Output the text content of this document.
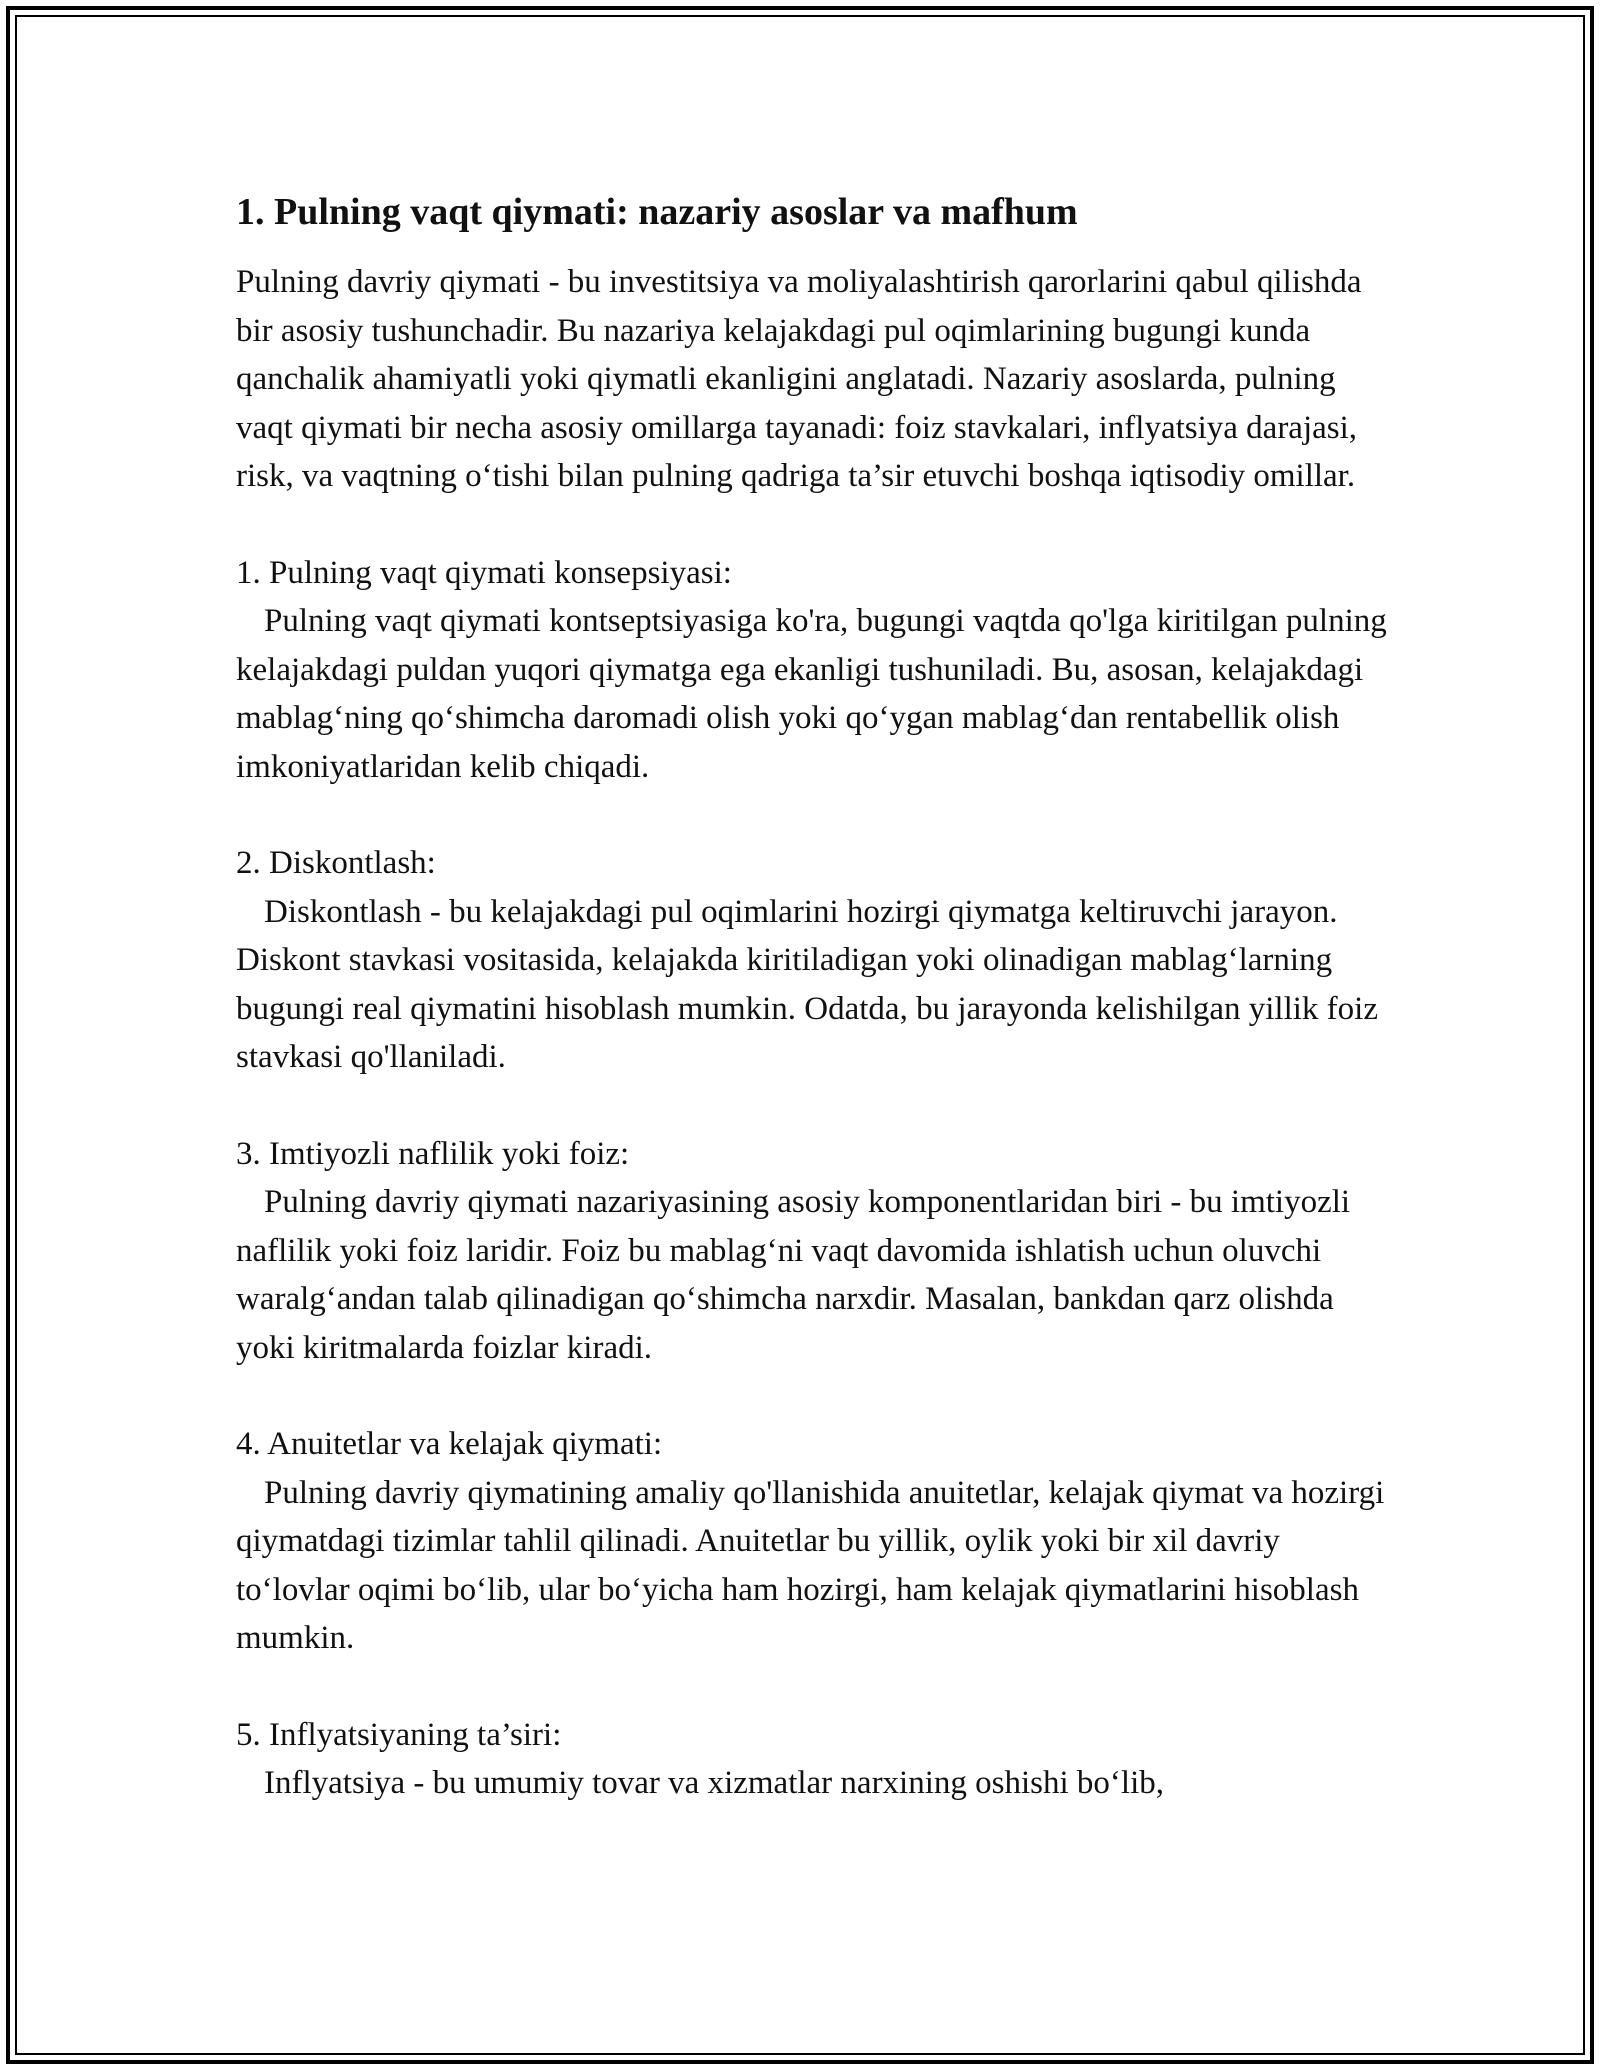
1. Pulning vaqt qiymati: nazariy asoslar va mafhum

Pulning davriy qiymati - bu investitsiya va moliyalashtirish qarorlarini qabul qilishda bir asosiy tushunchadir. Bu nazariya kelajakdagi pul oqimlarining bugungi kunda qanchalik ahamiyatli yoki qiymatli ekanligini anglatadi. Nazariy asoslarda, pulning vaqt qiymati bir necha asosiy omillarga tayanadi: foiz stavkalari, inflyatsiya darajasi, risk, va vaqtning o‘tishi bilan pulning qadriga ta’sir etuvchi boshqa iqtisodiy omillar.

1. Pulning vaqt qiymati konsepsiyasi:

Pulning vaqt qiymati kontseptsiyasiga ko'ra, bugungi vaqtda qo'lga kiritilgan pulning kelajakdagi puldan yuqori qiymatga ega ekanligi tushuniladi. Bu, asosan, kelajakdagi mablag‘ning qo‘shimcha daromadi olish yoki qo‘ygan mablag‘dan rentabellik olish imkoniyatlaridan kelib chiqadi.

2. Diskontlash:

Diskontlash - bu kelajakdagi pul oqimlarini hozirgi qiymatga keltiruvchi jarayon. Diskont stavkasi vositasida, kelajakda kiritiladigan yoki olinadigan mablag‘larning bugungi real qiymatini hisoblash mumkin. Odatda, bu jarayonda kelishilgan yillik foiz stavkasi qo'llaniladi.

3. Imtiyozli naflilik yoki foiz:

Pulning davriy qiymati nazariyasining asosiy komponentlaridan biri - bu imtiyozli naflilik yoki foiz laridir. Foiz bu mablag‘ni vaqt davomida ishlatish uchun oluvchi waralg‘andan talab qilinadigan qo‘shimcha narxdir. Masalan, bankdan qarz olishda yoki kiritmalarda foizlar kiradi.

4. Anuitetlar va kelajak qiymati:

Pulning davriy qiymatining amaliy qo'llanishida anuitetlar, kelajak qiymat va hozirgi qiymatdagi tizimlar tahlil qilinadi. Anuitetlar bu yillik, oylik yoki bir xil davriy to‘lovlar oqimi bo‘lib, ular bo‘yicha ham hozirgi, ham kelajak qiymatlarini hisoblash mumkin.

5. Inflyatsiyaning ta’siri:

Inflyatsiya - bu umumiy tovar va xizmatlar narxining oshishi bo‘lib,
